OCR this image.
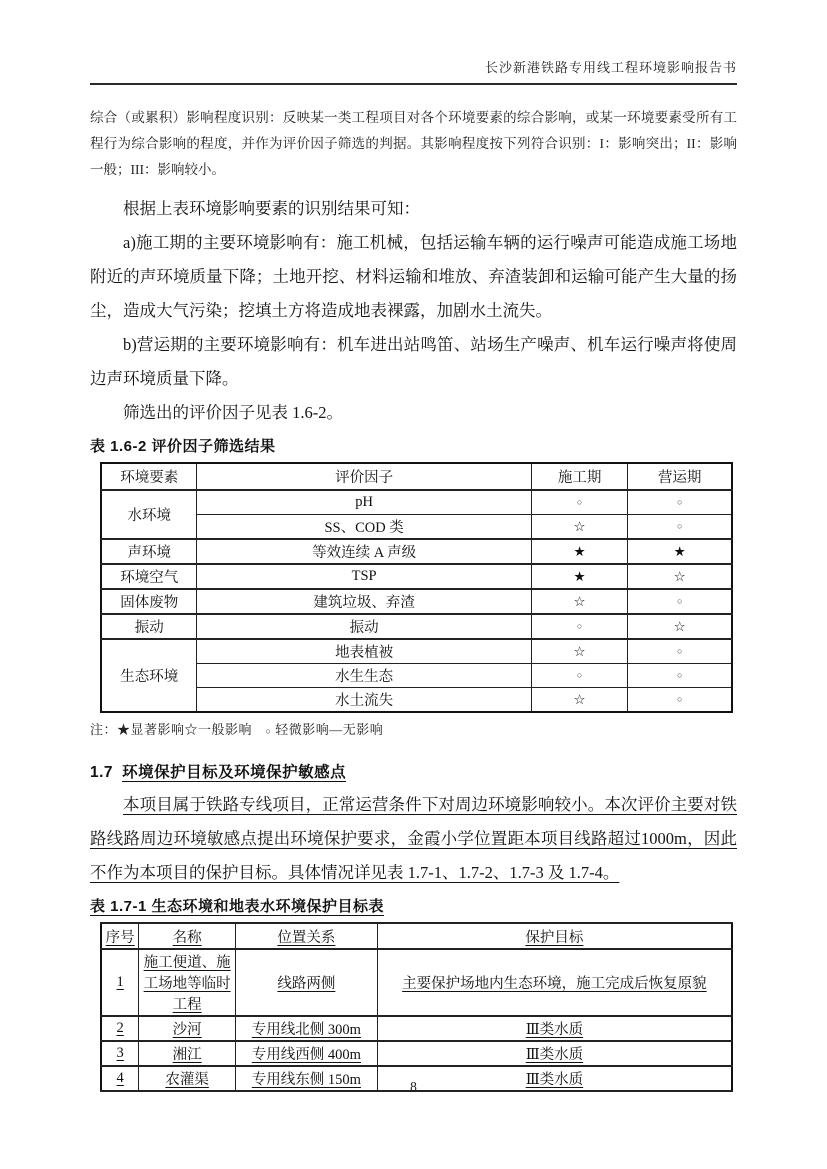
长沙新港铁路专用线工程环境影响报告书

综合（或累积）影响程度识别：反映某一类工程项目对各个环境要素的综合影响，或某一环境要素受所有工程行为综合影响的程度，并作为评价因子筛选的判据。其影响程度按下列符合识别：I：影响突出；II：影响一般；III：影响较小。

根据上表环境影响要素的识别结果可知：

a)施工期的主要环境影响有：施工机械，包括运输车辆的运行噪声可能造成施工场地附近的声环境质量下降；土地开挖、材料运输和堆放、弃渣装卸和运输可能产生大量的扬尘，造成大气污染；挖填土方将造成地表裸露，加剧水土流失。

b)营运期的主要环境影响有：机车进出站鸣笛、站场生产噪声、机车运行噪声将使周边声环境质量下降。

筛选出的评价因子见表 1.6-2。

表 1.6-2 评价因子筛选结果
环境要素	评价因子	施工期	营运期
水环境	pH	○	○
	SS、COD 类	☆	○
声环境	等效连续 A 声级	★	★
环境空气	TSP	★	☆
固体废物	建筑垃圾、弃渣	☆	○
振动	振动	○	☆
生态环境	地表植被	☆	○
	水生生态	○	○
	水土流失	☆	○

注：★显著影响☆一般影响　 ○ 轻微影响—无影响

1.7 环境保护目标及环境保护敏感点

本项目属于铁路专线项目，正常运营条件下对周边环境影响较小。本次评价主要对铁路线路周边环境敏感点提出环境保护要求，金霞小学位置距本项目线路超过1000m，因此不作为本项目的保护目标。具体情况详见表 1.7-1、1.7-2、1.7-3 及 1.7-4。

表 1.7-1 生态环境和地表水环境保护目标表
序号	名称	位置关系	保护目标
1	施工便道、施工场地等临时工程	线路两侧	主要保护场地内生态环境，施工完成后恢复原貌
2	沙河	专用线北侧 300m	Ⅲ类水质
3	湘江	专用线西侧 400m	Ⅲ类水质
4	农灌渠	专用线东侧 150m	Ⅲ类水质
8
